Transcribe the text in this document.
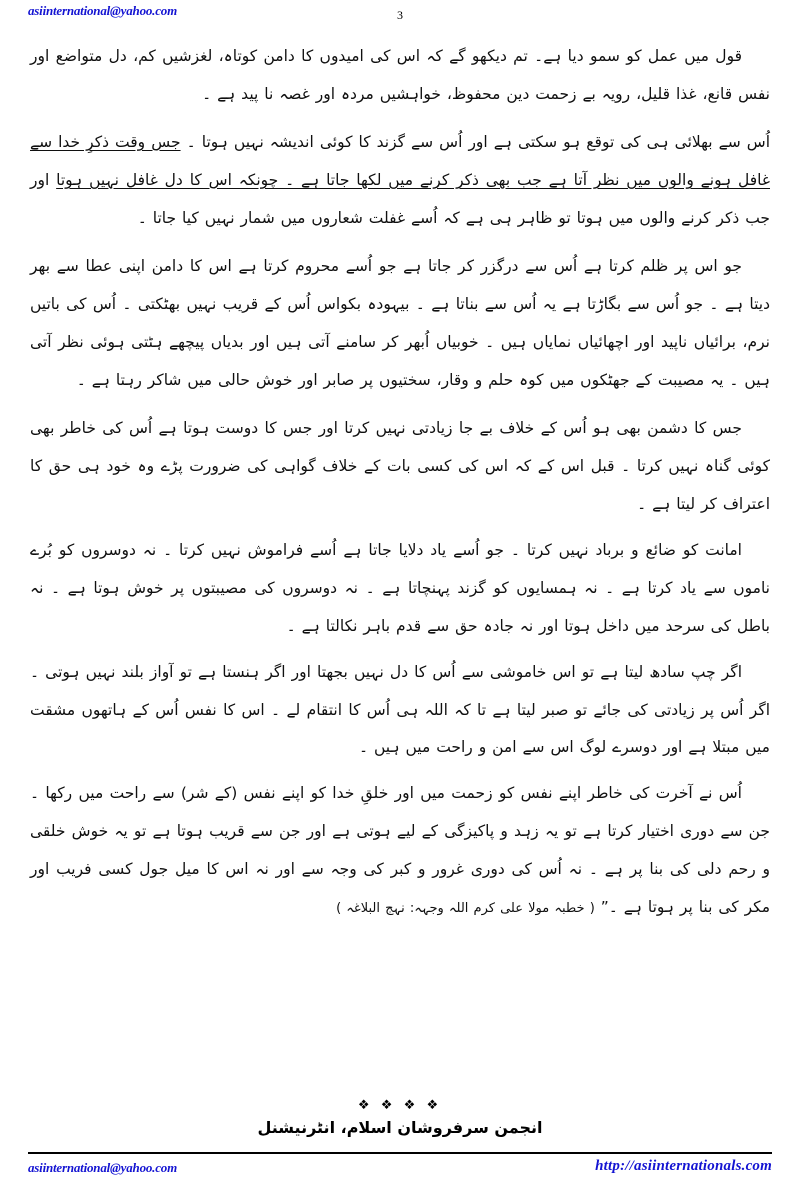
asiinternational@yahoo.com	3

قول میں عمل کو سمو دیا ہے۔ تم دیکھو گے کہ اس کی امیدوں کا دامن کوتاہ، لغزشیں کم، دل متواضع اور نفس قانع، غذا قلیل، رویہ بے زحمت دین محفوظ، خواہشیں مردہ اور غصہ نا پید ہے ۔

اُس سے بھلائی ہی کی توقع ہو سکتی ہے اور اُس سے گزند کا کوئی اندیشہ نہیں ہوتا ۔ جس وقت ذکرِ خدا سے غافل ہونے والوں میں نظر آتا ہے جب بھی ذکر کرنے میں لکھا جاتا ہے ۔ چونکہ اس کا دل غافل نہیں ہوتا اور جب ذکر کرنے والوں میں ہوتا تو ظاہر ہی ہے کہ اُسے غفلت شعاروں میں شمار نہیں کیا جاتا ۔

جو اس پر ظلم کرتا ہے اُس سے درگزر کر جاتا ہے جو اُسے محروم کرتا ہے اس کا دامن اپنی عطا سے بھر دیتا ہے ۔ جو اُس سے بگاڑتا ہے یہ اُس سے بناتا ہے ۔ بیہودہ بکواس اُس کے قریب نہیں بھٹکتی ۔ اُس کی باتیں نرم، برائیاں ناپید اور اچھائیاں نمایاں ہیں ۔ خوبیاں اُبھر کر سامنے آتی ہیں اور بدیاں پیچھے ہٹتی ہوئی نظر آتی ہیں ۔ یہ مصیبت کے جھٹکوں میں کوہ حلم و وقار، سختیوں پر صابر اور خوش حالی میں شاکر رہتا ہے ۔

جس کا دشمن بھی ہو اُس کے خلاف بے جا زیادتی نہیں کرتا اور جس کا دوست ہوتا ہے اُس کی خاطر بھی کوئی گناہ نہیں کرتا ۔ قبل اس کے کہ اس کی کسی بات کے خلاف گواہی کی ضرورت پڑے وہ خود ہی حق کا اعتراف کر لیتا ہے ۔

امانت کو ضائع و برباد نہیں کرتا ۔ جو اُسے یاد دلایا جاتا ہے اُسے فراموش نہیں کرتا ۔ نہ دوسروں کو بُرے ناموں سے یاد کرتا ہے ۔ نہ ہمسایوں کو گزند پہنچاتا ہے ۔ نہ دوسروں کی مصیبتوں پر خوش ہوتا ہے ۔ نہ باطل کی سرحد میں داخل ہوتا اور نہ جادہ حق سے قدم باہر نکالتا ہے ۔

اگر چپ سادھ لیتا ہے تو اس خاموشی سے اُس کا دل نہیں بجھتا اور اگر ہنستا ہے تو آواز بلند نہیں ہوتی ۔ اگر اُس پر زیادتی کی جائے تو صبر لیتا ہے تا کہ اللہ ہی اُس کا انتقام لے ۔ اس کا نفس اُس کے ہاتھوں مشقت میں مبتلا ہے اور دوسرے لوگ اس سے امن و راحت میں ہیں ۔

اُس نے آخرت کی خاطر اپنے نفس کو زحمت میں اور خلقِ خدا کو اپنے نفس (کے شر) سے راحت میں رکھا ۔ جن سے دوری اختیار کرتا ہے تو یہ زہد و پاکیزگی کے لیے ہوتی ہے اور جن سے قریب ہوتا ہے تو یہ خوش خلقی و رحم دلی کی بنا پر ہے ۔ نہ اُس کی دوری غرور و کبر کی وجہ سے اور نہ اس کا میل جول کسی فریب اور مکر کی بنا پر ہوتا ہے ۔” ( خطبہ مولا علی کرم اللہ وجہہ: نہج البلاغہ )

❖ ❖ ❖ ❖
انجمن سرفروشان اسلام، انٹرنیشنل
asiinternational@yahoo.com	http://asiinternationals.com
